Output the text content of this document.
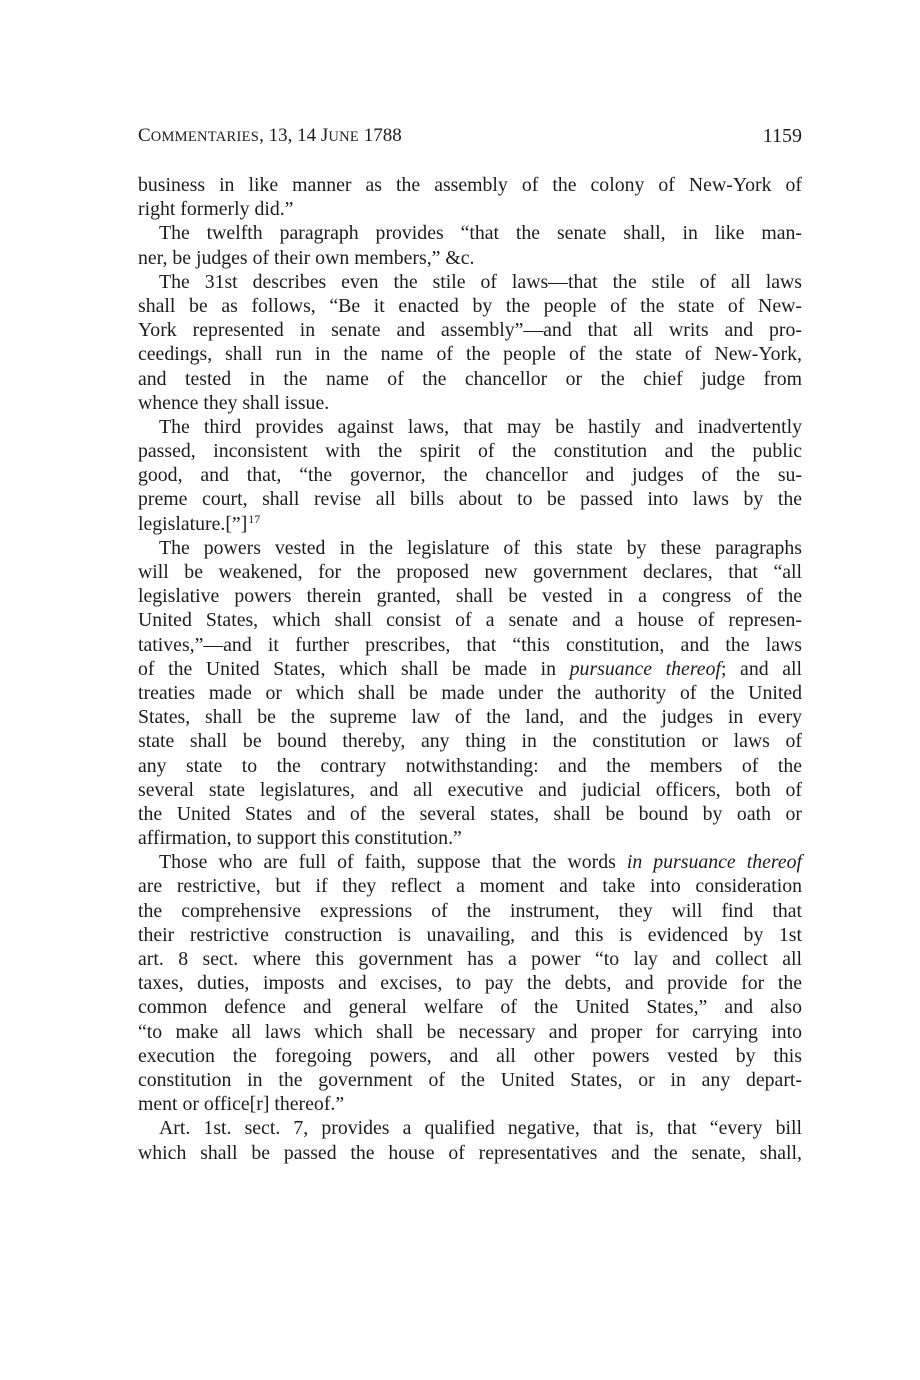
COMMENTARIES, 13, 14 JUNE 1788	1159
business in like manner as the assembly of the colony of New-York of
right formerly did.”
The twelfth paragraph provides “that the senate shall, in like man-
ner, be judges of their own members,” &c.
The 31st describes even the stile of laws—that the stile of all laws
shall be as follows, “Be it enacted by the people of the state of New-
York represented in senate and assembly”—and that all writs and pro-
ceedings, shall run in the name of the people of the state of New-York,
and tested in the name of the chancellor or the chief judge from
whence they shall issue.
The third provides against laws, that may be hastily and inadvertently
passed, inconsistent with the spirit of the constitution and the public
good, and that, “the governor, the chancellor and judges of the su-
preme court, shall revise all bills about to be passed into laws by the
legislature.[”]$^{17}$
The powers vested in the legislature of this state by these paragraphs
will be weakened, for the proposed new government declares, that “all
legislative powers therein granted, shall be vested in a congress of the
United States, which shall consist of a senate and a house of represen-
tatives,”—and it further prescribes, that “this constitution, and the laws
of the United States, which shall be made in pursuance thereof; and all
treaties made or which shall be made under the authority of the United
States, shall be the supreme law of the land, and the judges in every
state shall be bound thereby, any thing in the constitution or laws of
any state to the contrary notwithstanding: and the members of the
several state legislatures, and all executive and judicial officers, both of
the United States and of the several states, shall be bound by oath or
affirmation, to support this constitution.”
Those who are full of faith, suppose that the words in pursuance thereof
are restrictive, but if they reflect a moment and take into consideration
the comprehensive expressions of the instrument, they will find that
their restrictive construction is unavailing, and this is evidenced by 1st
art. 8 sect. where this government has a power “to lay and collect all
taxes, duties, imposts and excises, to pay the debts, and provide for the
common defence and general welfare of the United States,” and also
“to make all laws which shall be necessary and proper for carrying into
execution the foregoing powers, and all other powers vested by this
constitution in the government of the United States, or in any depart-
ment or office[r] thereof.”
Art. 1st. sect. 7, provides a qualified negative, that is, that “every bill
which shall be passed the house of representatives and the senate, shall,
